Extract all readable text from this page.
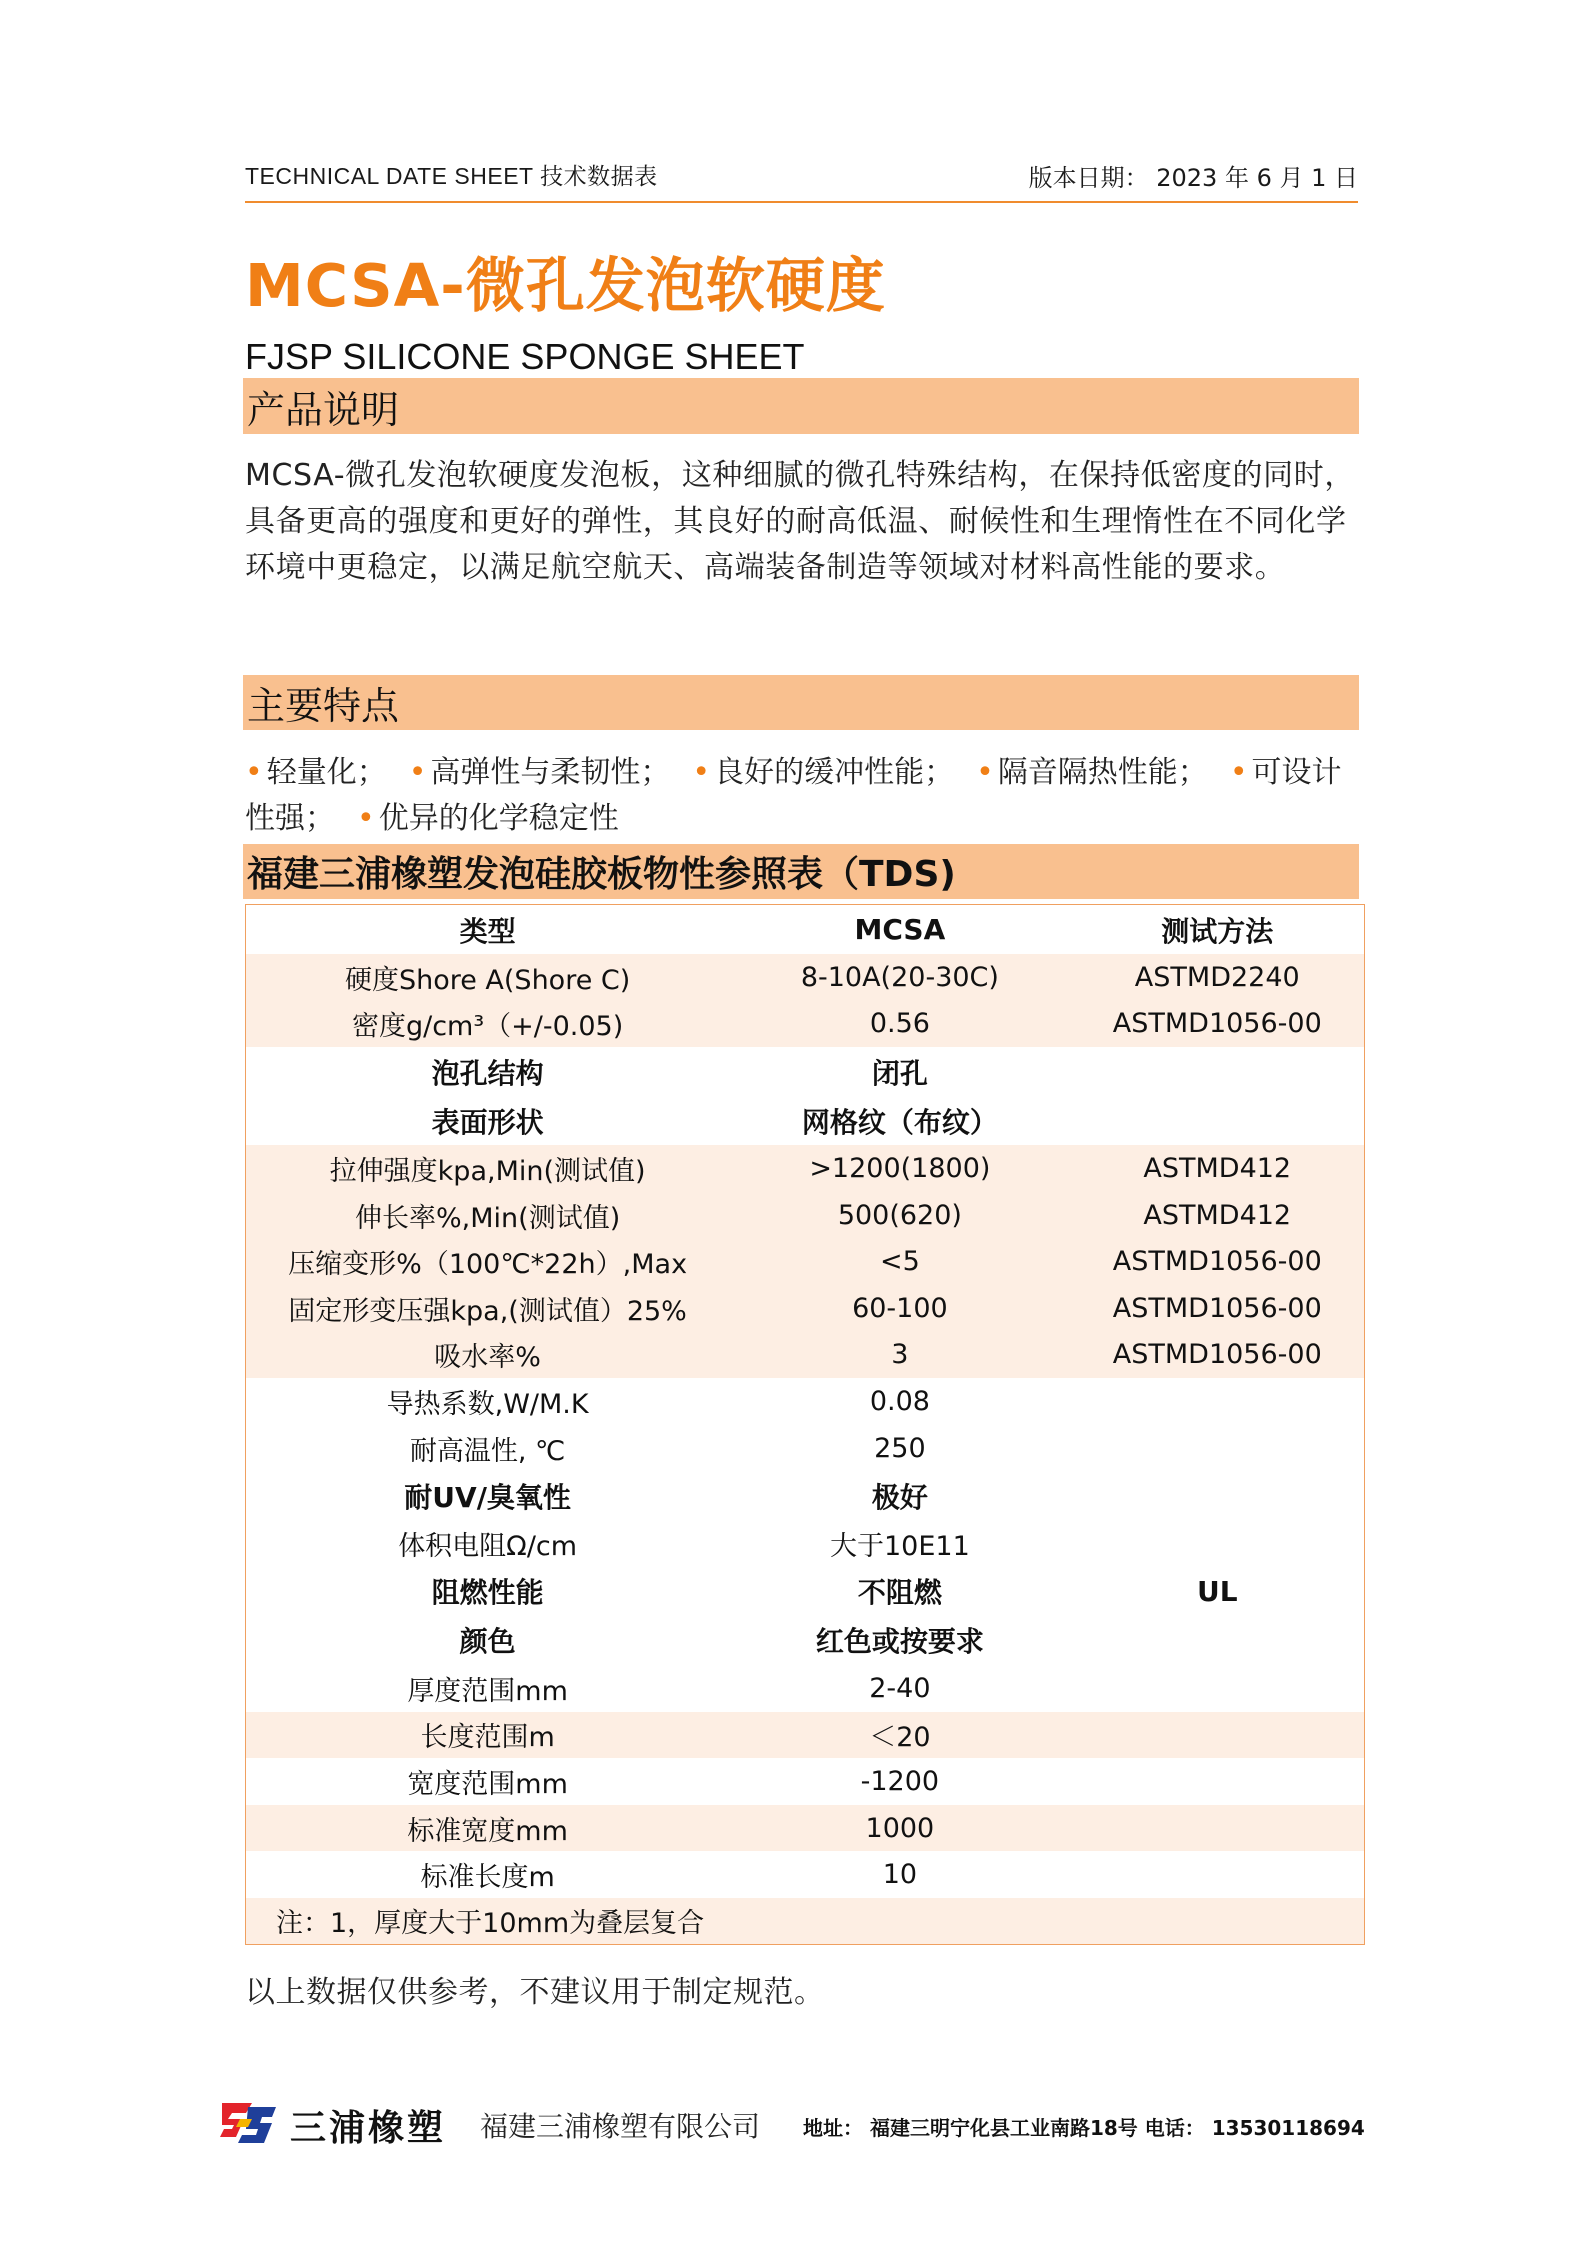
TECHNICAL DATE SHEET 技术数据表	版本日期： 2023 年 6 月 1 日
MCSA-微孔发泡软硬度
FJSP SILICONE SPONGE SHEET
产品说明
MCSA-微孔发泡软硬度发泡板，这种细腻的微孔特殊结构，在保持低密度的同时，具备更高的强度和更好的弹性，其良好的耐高低温、耐候性和生理惰性在不同化学环境中更稳定，以满足航空航天、高端装备制造等领域对材料高性能的要求。
主要特点
• 轻量化； • 高弹性与柔韧性； • 良好的缓冲性能； • 隔音隔热性能； • 可设计性强； • 优异的化学稳定性
福建三浦橡塑发泡硅胶板物性参照表（TDS)
类型	MCSA	测试方法
硬度Shore A(Shore C)	8-10A(20-30C)	ASTMD2240
密度g/cm³（+/-0.05)	0.56	ASTMD1056-00
泡孔结构	闭孔	
表面形状	网格纹（布纹）	
拉伸强度kpa,Min(测试值)	>1200(1800)	ASTMD412
伸长率%,Min(测试值)	500(620)	ASTMD412
压缩变形%（100℃*22h）,Max	<5	ASTMD1056-00
固定形变压强kpa,(测试值）25%	60-100	ASTMD1056-00
吸水率%	3	ASTMD1056-00
导热系数,W/M.K	0.08	
耐高温性, ℃	250	
耐UV/臭氧性	极好	
体积电阻Ω/cm	大于10E11	
阻燃性能	不阻燃	UL
颜色	红色或按要求	
厚度范围mm	2-40	
长度范围m	＜20	
宽度范围mm	-1200	
标准宽度mm	1000	
标准长度m	10	
注：1，厚度大于10mm为叠层复合		
以上数据仅供参考，不建议用于制定规范。
三浦橡塑 福建三浦橡塑有限公司 地址： 福建三明宁化县工业南路18号 电话： 13530118694
